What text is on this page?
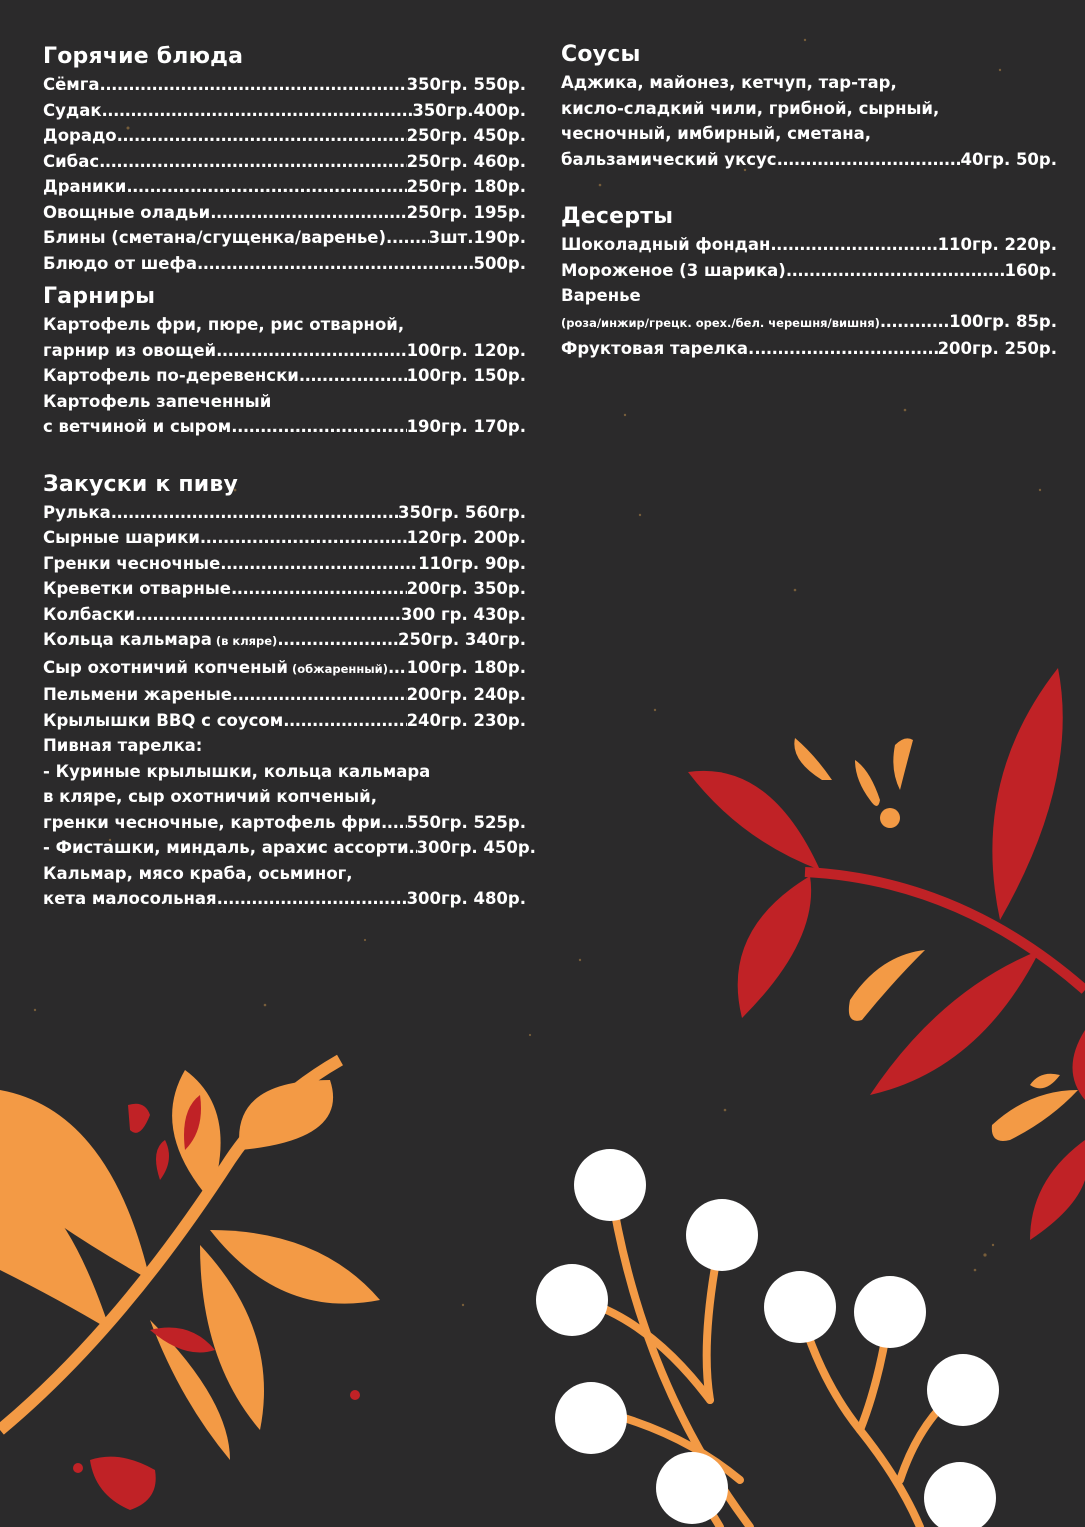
Горячие блюда
Сёмга .....	350гр. 550р.
Судак .....	350гр.400р.
Дорадо .....	250гр. 450р.
Сибас .....	250гр. 460р.
Драники .....	250гр. 180р.
Овощные оладьи .....	250гр. 195р.
Блины (сметана/сгущенка/варенье) .....	3шт.190р.
Блюдо от шефа .....	500р.
Гарниры
Картофель фри, пюре, рис отварной,
гарнир из овощей .....	100гр. 120р.
Картофель по-деревенски .....	100гр. 150р.
Картофель запеченный
с ветчиной и сыром .....	190гр. 170р.
Закуски к пиву
Рулька .....	350гр. 560гр.
Сырные шарики .....	120гр. 200р.
Гренки чесночные .....	110гр. 90р.
Креветки отварные .....	200гр. 350р.
Колбаски .....	300 гр. 430р.
Кольца кальмара (в кляре) .....	250гр. 340гр.
Сыр охотничий копченый (обжаренный) ..... 100гр. 180р.
Пельмени жареные .....	200гр. 240р.
Крылышки BBQ с соусом .....	240гр. 230р.
Пивная тарелка:
- Куриные крылышки, кольца кальмара
в кляре, сыр охотничий копченый,
гренки чесночные, картофель фри ..... 550гр. 525р.
- Фисташки, миндаль, арахис ассорти ..... 300гр. 450р.
Кальмар, мясо краба, осьминог,
кета малосольная .....	300гр. 480р.
Соусы
Аджика, майонез, кетчуп, тар-тар,
кисло-сладкий чили, грибной, сырный,
чесночный, имбирный, сметана,
бальзамический уксус .....	40гр. 50р.
Десерты
Шоколадный фондан .....	110гр. 220р.
Мороженое (3 шарика) .....	160р.
Варенье
(роза/инжир/грецк. орех./бел. черешня/вишня) .....	100гр. 85р.
Фруктовая тарелка. .....	200гр. 250р.
